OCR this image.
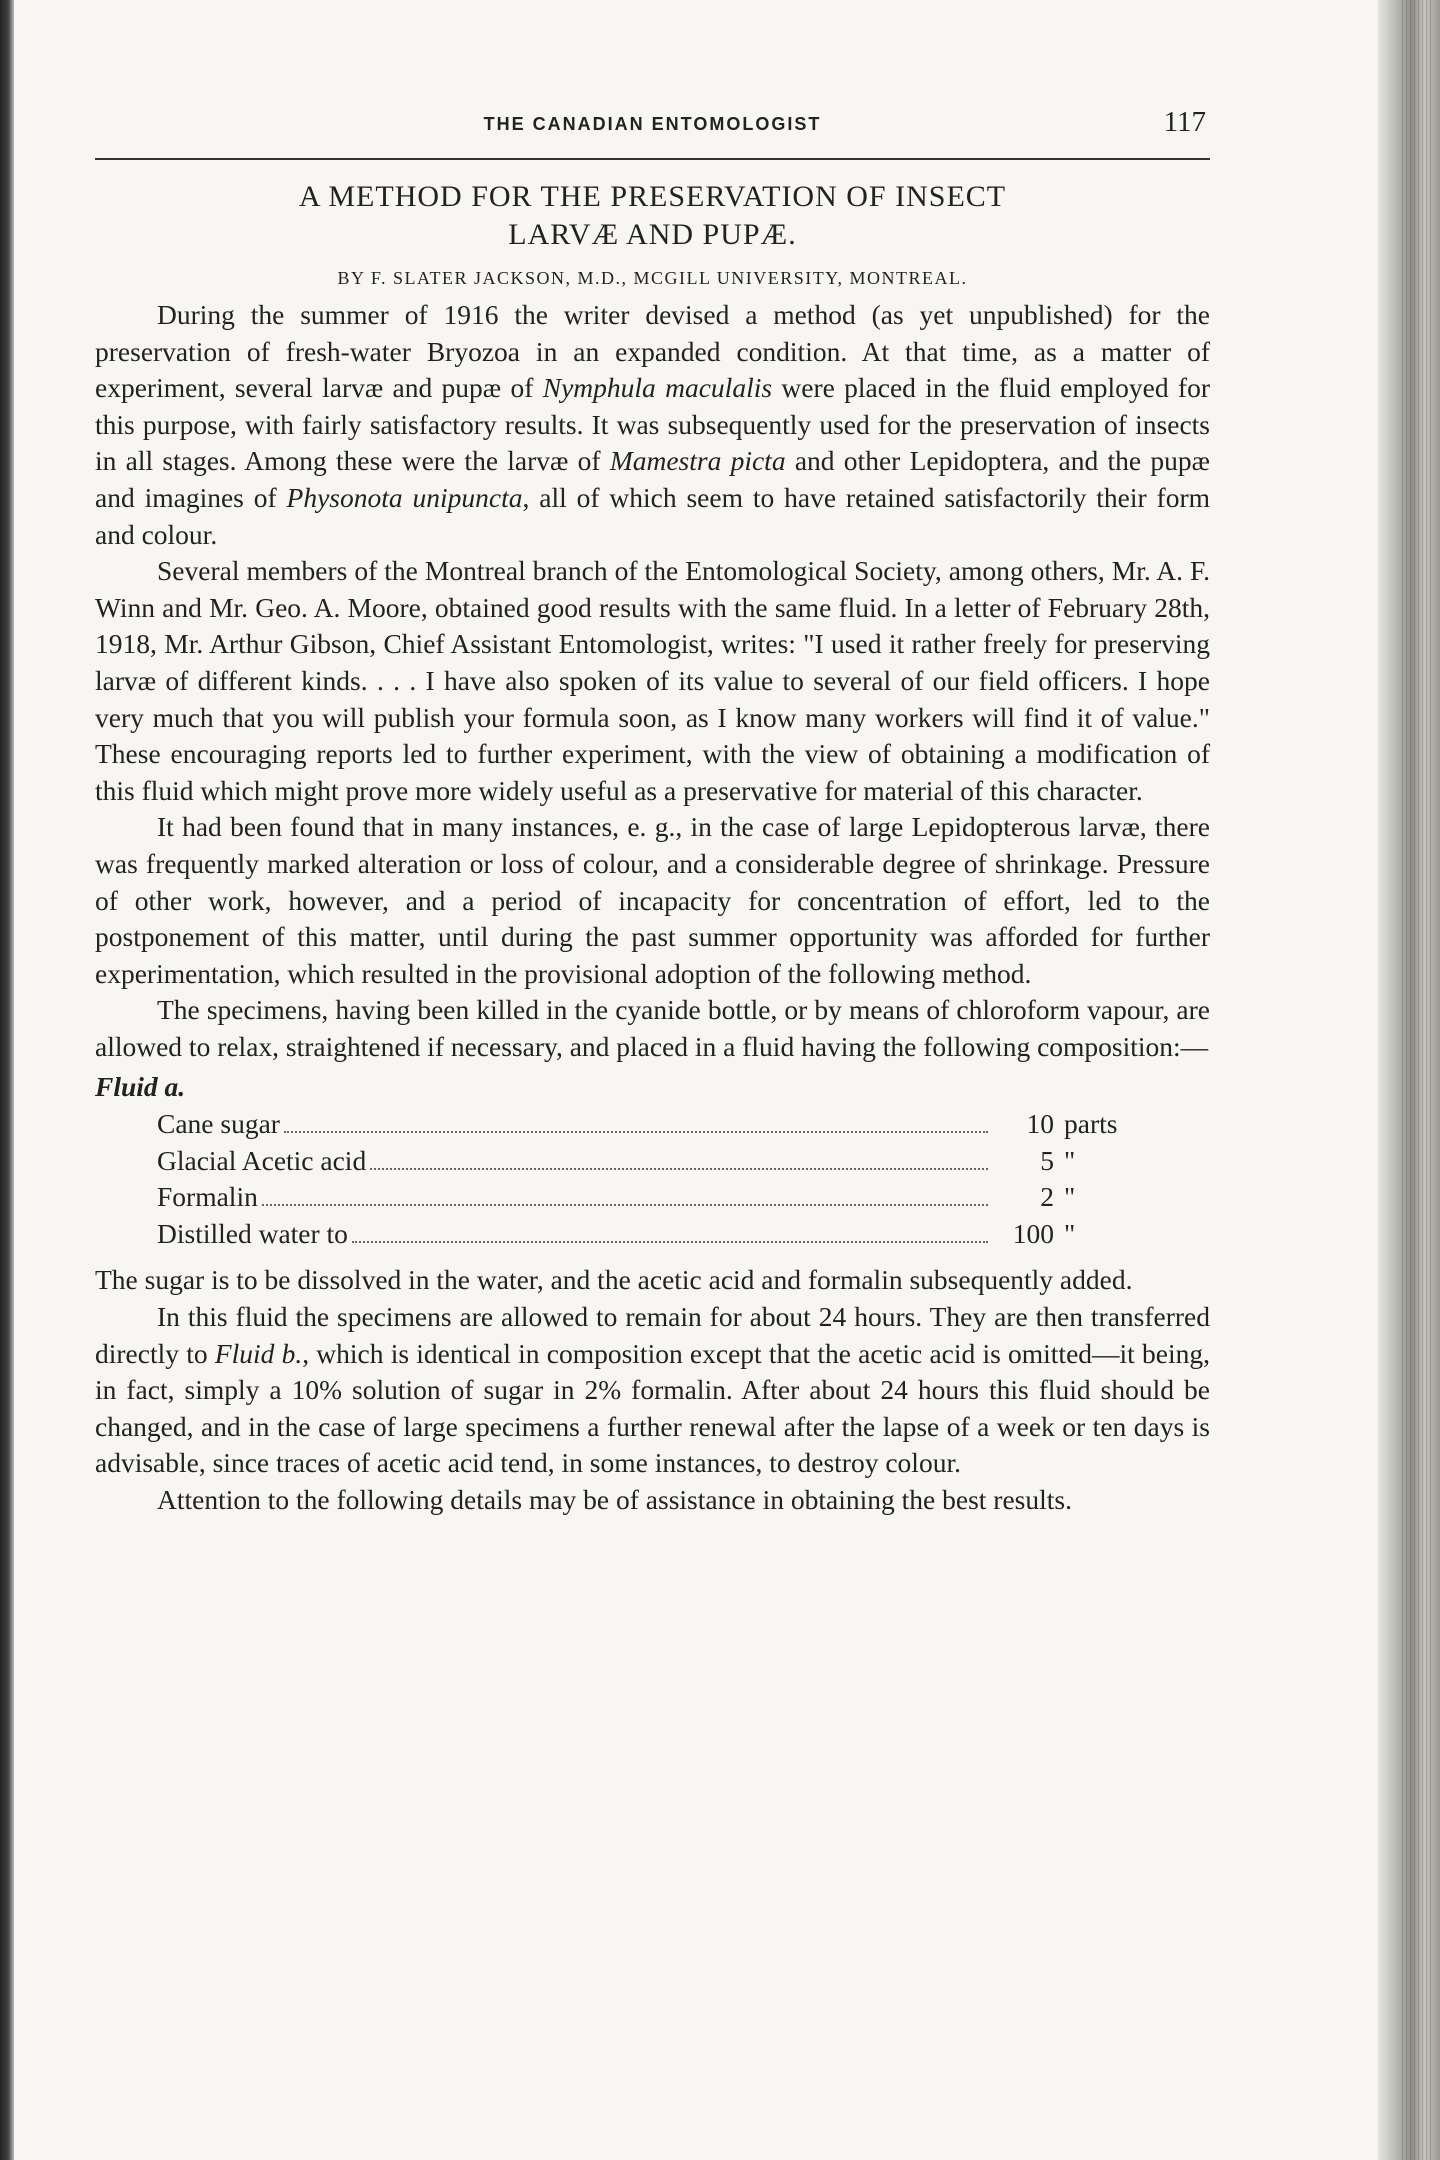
THE CANADIAN ENTOMOLOGIST	117
A METHOD FOR THE PRESERVATION OF INSECT
LARVÆ AND PUPÆ.
BY F. SLATER JACKSON, M.D., MCGILL UNIVERSITY, MONTREAL.

During the summer of 1916 the writer devised a method (as yet unpublished) for the preservation of fresh-water Bryozoa in an expanded condition. At that time, as a matter of experiment, several larvæ and pupæ of Nymphula maculalis were placed in the fluid employed for this purpose, with fairly satisfactory results. It was subsequently used for the preservation of insects in all stages. Among these were the larvæ of Mamestra picta and other Lepidoptera, and the pupæ and imagines of Physonota unipuncta, all of which seem to have retained satisfactorily their form and colour.

Several members of the Montreal branch of the Entomological Society, among others, Mr. A. F. Winn and Mr. Geo. A. Moore, obtained good results with the same fluid. In a letter of February 28th, 1918, Mr. Arthur Gibson, Chief Assistant Entomologist, writes: "I used it rather freely for preserving larvæ of different kinds. . . . I have also spoken of its value to several of our field officers. I hope very much that you will publish your formula soon, as I know many workers will find it of value." These encouraging reports led to further experiment, with the view of obtaining a modification of this fluid which might prove more widely useful as a preservative for material of this character.

It had been found that in many instances, e. g., in the case of large Lepidopterous larvæ, there was frequently marked alteration or loss of colour, and a considerable degree of shrinkage. Pressure of other work, however, and a period of incapacity for concentration of effort, led to the postponement of this matter, until during the past summer opportunity was afforded for further experimentation, which resulted in the provisional adoption of the following method.

The specimens, having been killed in the cyanide bottle, or by means of chloroform vapour, are allowed to relax, straightened if necessary, and placed in a fluid having the following composition:—

Fluid a.
Cane sugar	10 parts
Glacial Acetic acid	5 "
Formalin	2 "
Distilled water to	100 "

The sugar is to be dissolved in the water, and the acetic acid and formalin subsequently added.

In this fluid the specimens are allowed to remain for about 24 hours. They are then transferred directly to Fluid b., which is identical in composition except that the acetic acid is omitted—it being, in fact, simply a 10% solution of sugar in 2% formalin. After about 24 hours this fluid should be changed, and in the case of large specimens a further renewal after the lapse of a week or ten days is advisable, since traces of acetic acid tend, in some instances, to destroy colour.

Attention to the following details may be of assistance in obtaining the best results.
